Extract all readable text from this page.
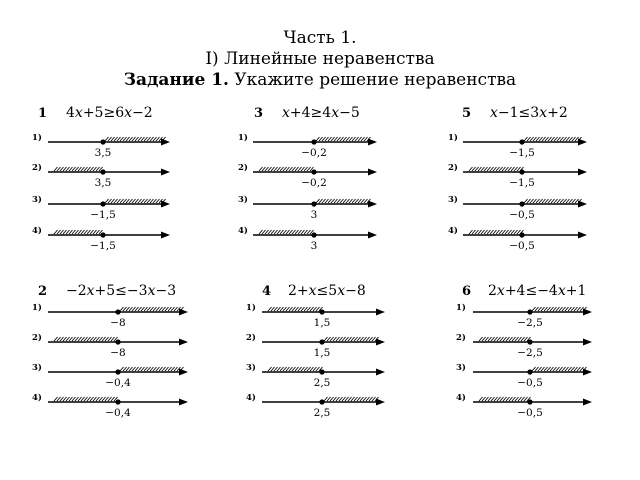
Часть 1.
I) Линейные неравенства
Задание 1. Укажите решение неравенства
1 4x+5≥6x−2
1)
3,5
2)
3,5
3)
−1,5
4)
−1,5
3 x+4≥4x−5
1)
−0,2
2)
−0,2
3)
3
4)
3
5 x−1≤3x+2
1)
−1,5
2)
−1,5
3)
−0,5
4)
−0,5
2 −2x+5≤−3x−3
1)
−8
2)
−8
3)
−0,4
4)
−0,4
4 2+x≤5x−8
1)
1,5
2)
1,5
3)
2,5
4)
2,5
6 2x+4≤−4x+1
1)
−2,5
2)
−2,5
3)
−0,5
4)
−0,5
